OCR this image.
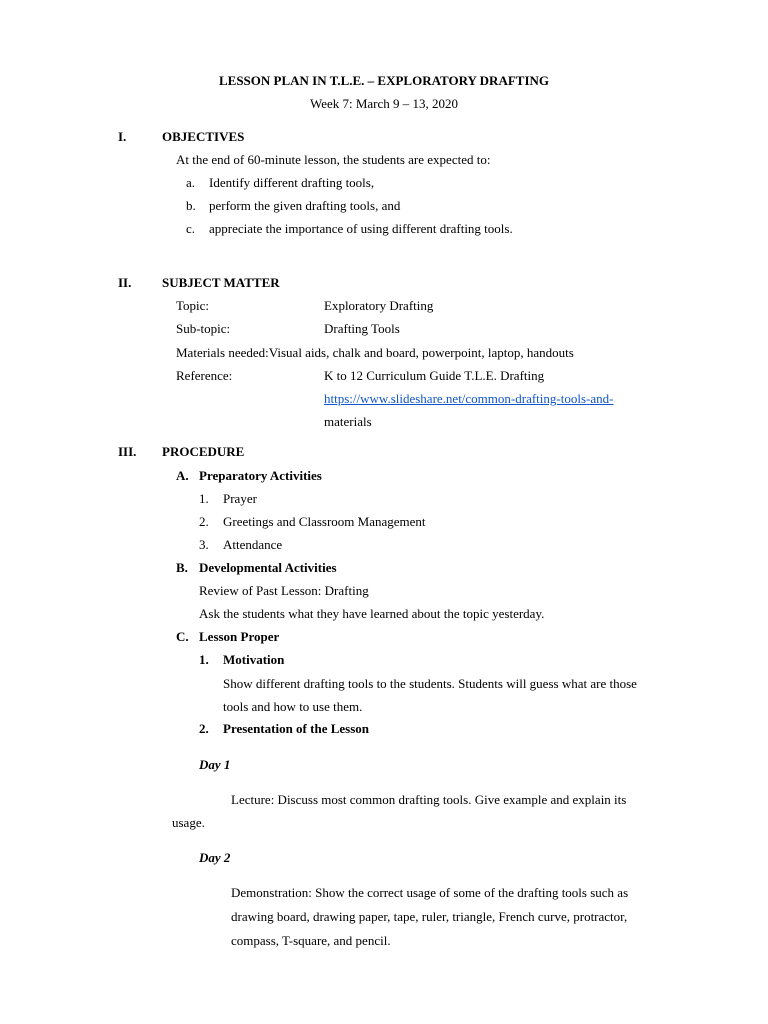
LESSON PLAN IN T.L.E. – EXPLORATORY DRAFTING
Week 7: March 9 – 13, 2020
I.	OBJECTIVES
At the end of 60-minute lesson, the students are expected to:
a. Identify different drafting tools,
b. perform the given drafting tools, and
c. appreciate the importance of using different drafting tools.
II. SUBJECT MATTER
Topic:	Exploratory Drafting
Sub-topic:	Drafting Tools
Materials needed:Visual aids, chalk and board, powerpoint, laptop, handouts
Reference:	K to 12 Curriculum Guide T.L.E. Drafting
https://www.slideshare.net/common-drafting-tools-and-
materials
III. PROCEDURE
A. Preparatory Activities
1. Prayer
2. Greetings and Classroom Management
3. Attendance
B. Developmental Activities
Review of Past Lesson: Drafting
Ask the students what they have learned about the topic yesterday.
C. Lesson Proper
1. Motivation
Show different drafting tools to the students. Students will guess what are those
tools and how to use them.
2. Presentation of the Lesson
Day 1
Lecture: Discuss most common drafting tools. Give example and explain its
usage.
Day 2
Demonstration: Show the correct usage of some of the drafting tools such as
drawing board, drawing paper, tape, ruler, triangle, French curve, protractor,
compass, T-square, and pencil.
